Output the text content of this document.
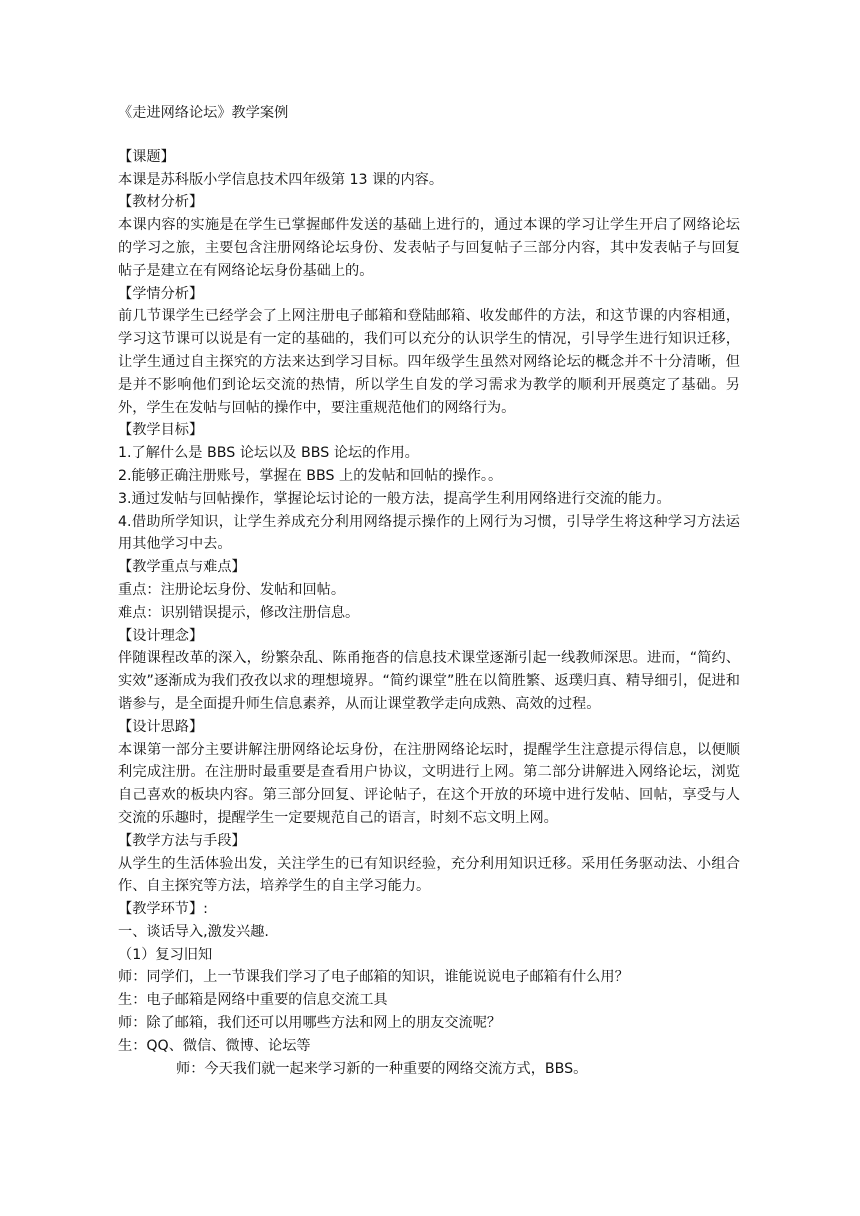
《走进网络论坛》教学案例

【课题】

本课是苏科版小学信息技术四年级第 13 课的内容。

【教材分析】

本课内容的实施是在学生已掌握邮件发送的基础上进行的，通过本课的学习让学生开启了网络论坛的学习之旅，主要包含注册网络论坛身份、发表帖子与回复帖子三部分内容，其中发表帖子与回复帖子是建立在有网络论坛身份基础上的。

【学情分析】

前几节课学生已经学会了上网注册电子邮箱和登陆邮箱、收发邮件的方法，和这节课的内容相通，学习这节课可以说是有一定的基础的，我们可以充分的认识学生的情况，引导学生进行知识迁移，让学生通过自主探究的方法来达到学习目标。四年级学生虽然对网络论坛的概念并不十分清晰，但是并不影响他们到论坛交流的热情，所以学生自发的学习需求为教学的顺利开展奠定了基础。另外，学生在发帖与回帖的操作中，要注重规范他们的网络行为。

【教学目标】

1.了解什么是 BBS 论坛以及 BBS 论坛的作用。

2.能够正确注册账号，掌握在 BBS 上的发帖和回帖的操作。。

3.通过发帖与回帖操作，掌握论坛讨论的一般方法，提高学生利用网络进行交流的能力。

4.借助所学知识，让学生养成充分利用网络提示操作的上网行为习惯，引导学生将这种学习方法运用其他学习中去。

【教学重点与难点】

重点：注册论坛身份、发帖和回帖。

难点：识别错误提示，修改注册信息。

【设计理念】

伴随课程改革的深入，纷繁杂乱、陈甬拖沓的信息技术课堂逐渐引起一线教师深思。进而，“简约、实效”逐渐成为我们孜孜以求的理想境界。“简约课堂”胜在以简胜繁、返璞归真、精导细引，促进和谐参与，是全面提升师生信息素养，从而让课堂教学走向成熟、高效的过程。

【设计思路】

本课第一部分主要讲解注册网络论坛身份，在注册网络论坛时，提醒学生注意提示得信息，以便顺利完成注册。在注册时最重要是查看用户协议，文明进行上网。第二部分讲解进入网络论坛，浏览自己喜欢的板块内容。第三部分回复、评论帖子，在这个开放的环境中进行发帖、回帖，享受与人交流的乐趣时，提醒学生一定要规范自己的语言，时刻不忘文明上网。

【教学方法与手段】

从学生的生活体验出发，关注学生的已有知识经验，充分利用知识迁移。采用任务驱动法、小组合作、自主探究等方法，培养学生的自主学习能力。

【教学环节】:

一、谈话导入,激发兴趣.

（1）复习旧知

师：同学们，上一节课我们学习了电子邮箱的知识，谁能说说电子邮箱有什么用？

生：电子邮箱是网络中重要的信息交流工具

师：除了邮箱，我们还可以用哪些方法和网上的朋友交流呢？

生：QQ、微信、微博、论坛等

师：今天我们就一起来学习新的一种重要的网络交流方式，BBS。
